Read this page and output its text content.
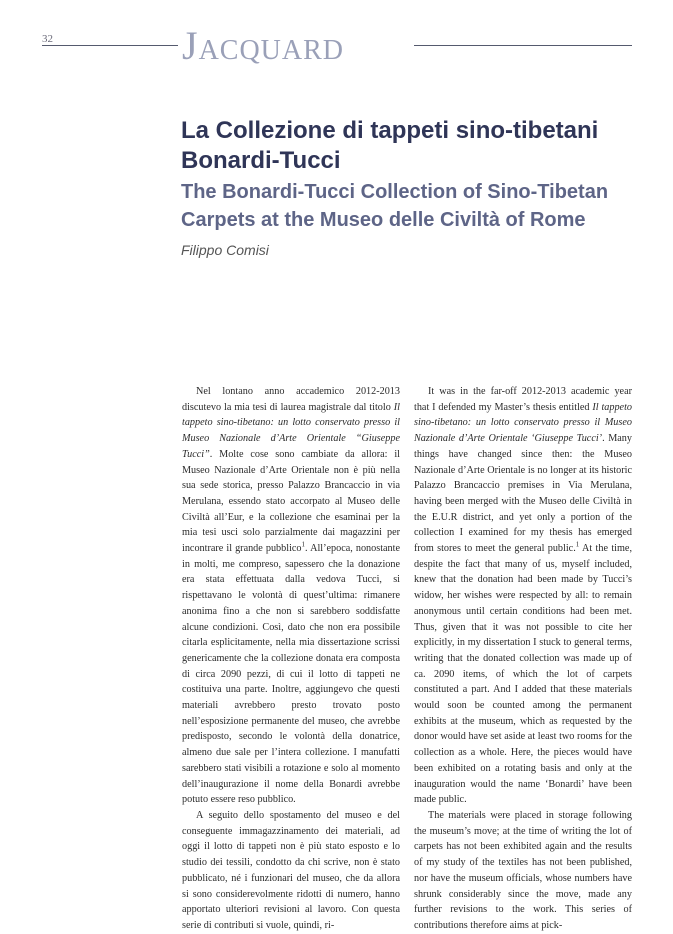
32	Jacquard
La Collezione di tappeti sino-tibetani Bonardi-Tucci
The Bonardi-Tucci Collection of Sino-Tibetan Carpets at the Museo delle Civiltà of Rome
Filippo Comisi

Nel lontano anno accademico 2012-2013 discutevo la mia tesi di laurea magistrale dal titolo Il tappeto sino-tibetano: un lotto conservato presso il Museo Nazionale d’Arte Orientale “Giuseppe Tucci”. Molte cose sono cambiate da allora: il Museo Nazionale d’Arte Orientale non è più nella sua sede storica, presso Palazzo Brancaccio in via Merulana, essendo stato accorpato al Museo delle Civiltà all’Eur, e la collezione che esaminai per la mia tesi usci solo parzialmente dai magazzini per incontrare il grande pubblico$^1$. All’epoca, nonostante in molti, me compreso, sapessero che la donazione era stata effettuata dalla vedova Tucci, si rispettavano le volontà di quest’ultima: rimanere anonima fino a che non si sarebbero soddisfatte alcune condizioni. Così, dato che non era possibile citarla esplicitamente, nella mia dissertazione scrissi genericamente che la collezione donata era composta di circa 2090 pezzi, di cui il lotto di tappeti ne costituiva una parte. Inoltre, aggiungevo che questi materiali avrebbero presto trovato posto nell’esposizione permanente del museo, che avrebbe predisposto, secondo le volontà della donatrice, almeno due sale per l’intera collezione. I manufatti sarebbero stati visibili a rotazione e solo al momento dell’inaugurazione il nome della Bonardi avrebbe potuto essere reso pubblico.

A seguito dello spostamento del museo e del conseguente immagazzinamento dei materiali, ad oggi il lotto di tappeti non è più stato esposto e lo studio dei tessili, condotto da chi scrive, non è stato pubblicato, né i funzionari del museo, che da allora si sono considerevolmente ridotti di numero, hanno apportato ulteriori revisioni al lavoro. Con questa serie di contributi si vuole, quindi, ri-

It was in the far-off 2012-2013 academic year that I defended my Master’s thesis entitled Il tappeto sino-tibetano: un lotto conservato presso il Museo Nazionale d’Arte Orientale ‘Giuseppe Tucci’. Many things have changed since then: the Museo Nazionale d’Arte Orientale is no longer at its historic Palazzo Brancaccio premises in Via Merulana, having been merged with the Museo delle Civiltà in the E.U.R district, and yet only a portion of the collection I examined for my thesis has emerged from stores to meet the general public.$^1$ At the time, despite the fact that many of us, myself included, knew that the donation had been made by Tucci’s widow, her wishes were respected by all: to remain anonymous until certain conditions had been met. Thus, given that it was not possible to cite her explicitly, in my dissertation I stuck to general terms, writing that the donated collection was made up of ca. 2090 items, of which the lot of carpets constituted a part. And I added that these materials would soon be counted among the permanent exhibits at the museum, which as requested by the donor would have set aside at least two rooms for the collection as a whole. Here, the pieces would have been exhibited on a rotating basis and only at the inauguration would the name ‘Bonardi’ have been made public.

The materials were placed in storage following the museum’s move; at the time of writing the lot of carpets has not been exhibited again and the results of my study of the textiles has not been published, nor have the museum officials, whose numbers have shrunk considerably since the move, made any further revisions to the work. This series of contributions therefore aims at pick-
